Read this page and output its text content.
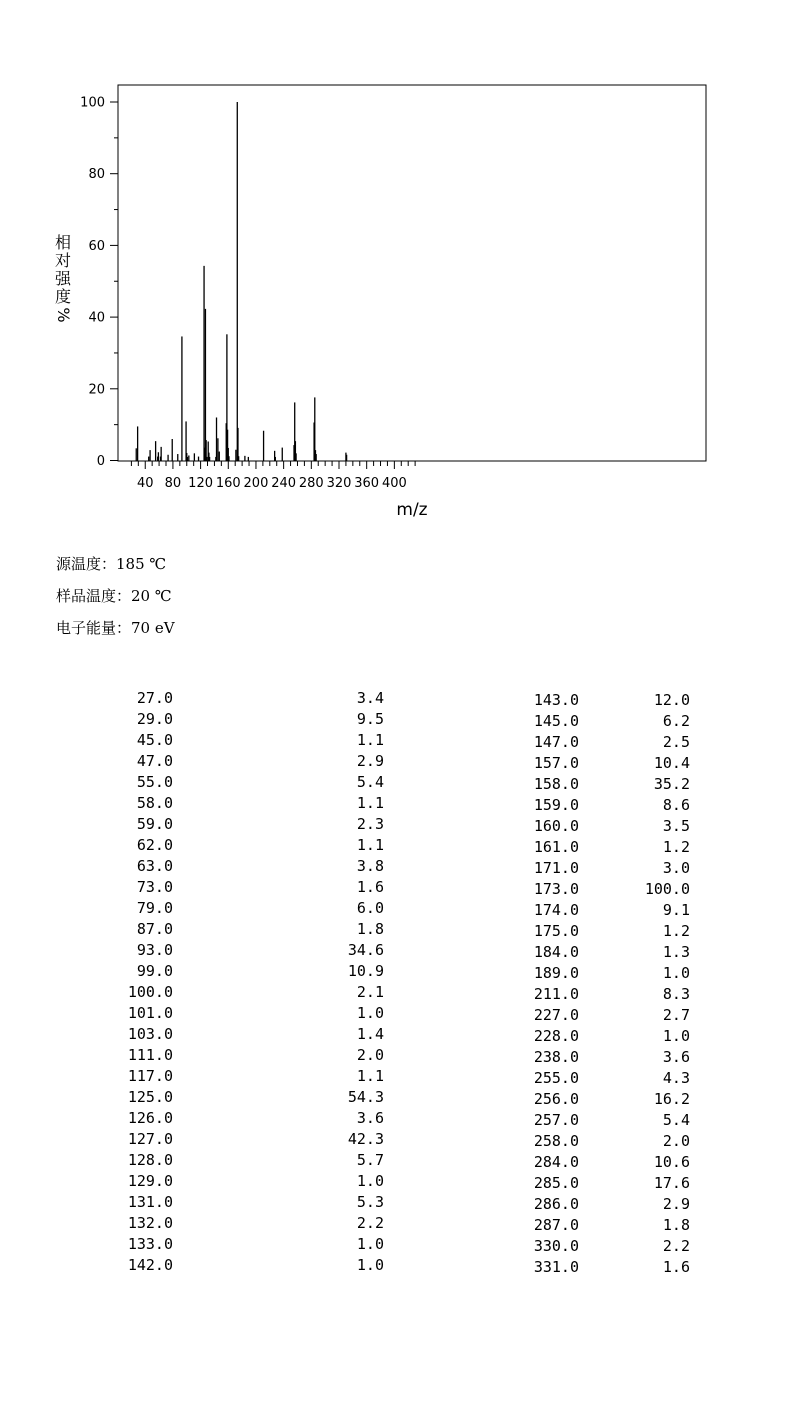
0
20
40
60
80
100
40 80 120 160 200 240 280 320 360 400
m/z
相
对
强
度
%
源温度：185 ℃
样品温度：20 ℃
电子能量：70 eV
27.0	3.4
29.0	9.5
45.0	1.1
47.0	2.9
55.0	5.4
58.0	1.1
59.0	2.3
62.0	1.1
63.0	3.8
73.0	1.6
79.0	6.0
87.0	1.8
93.0	34.6
99.0	10.9
100.0	2.1
101.0	1.0
103.0	1.4
111.0	2.0
117.0	1.1
125.0	54.3
126.0	3.6
127.0	42.3
128.0	5.7
129.0	1.0
131.0	5.3
132.0	2.2
133.0	1.0
142.0	1.0
143.0	12.0
145.0	6.2
147.0	2.5
157.0	10.4
158.0	35.2
159.0	8.6
160.0	3.5
161.0	1.2
171.0	3.0
173.0	100.0
174.0	9.1
175.0	1.2
184.0	1.3
189.0	1.0
211.0	8.3
227.0	2.7
228.0	1.0
238.0	3.6
255.0	4.3
256.0	16.2
257.0	5.4
258.0	2.0
284.0	10.6
285.0	17.6
286.0	2.9
287.0	1.8
330.0	2.2
331.0	1.6
